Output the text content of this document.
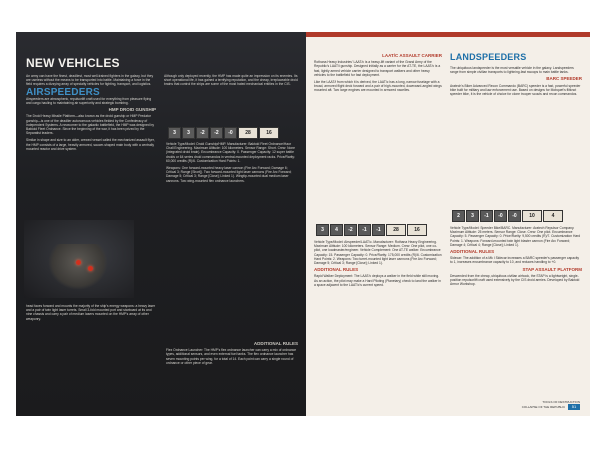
NEW VEHICLES

An army can have the finest, deadliest, most well-trained fighters in the galaxy, but they are useless without the means to be transported into battle. Maintaining a force in the field requires a dizzying array of specialty vehicles for fighting, transport, and logistics.

AIRSPEEDERS

Airspeeders are atmospheric, repulsorlift craft used for everything from pleasure flying and cargo hauling to maintaining air superiority and strategic bombing.

HMP DROID GUNSHIP

The Droid Heavy Missile Platform—also known as the droid gunship or HMP Predator gunship—is one of the deadlier autonomous vehicles fielded by the Confederacy of Independent Systems. A newcomer to the galactic battlefield, the HMP was designed by Baktoid Fleet Ordnance. Since the beginning of the war, it has been prized by the Separatist leaders.

Similar in shape and size to an older, crewed vessel called the mechanized assault flyer, the HMP consists of a large, heavily armored, saucer-shaped main body with a centrally mounted reactor and drive system.

head faces forward and mounts the majority of the ship's energy weapons: a heavy laser and a pair of twin light laser turrets. Small 3-fold mounted port and starboard at its and nine chassis and carry a pair of medium lasers mounted on the HMP's array of other weaponry.

Although only deployed recently, the HMP has made quite an impression on its enemies. Its short operational life, it has gained a terrifying reputation, and the cheap, irreplaceable droid brains that control the ships are some of the most hated mechanical entities in the CIS.

3	3	-2	-2	-0	28	16

Vehicle Type/Model: Droid Gunship/HMP. Manufacturer: Baktoid Fleet Ordnance/Haor Chall Engineering. Maximum Altitude: 100 kilometers. Sensor Range: Short. Crew: None (integrated droid brain). Encumbrance Capacity: 0. Passenger Capacity: 12 super battle droids or 64 series droid commandos in ventral-mounted deployment racks. Price/Rarity: 60,000 credits (R)/6. Customization Hard Points: 1.

Weapons: One forward-mounted heavy laser cannon (Fire Arc Forward; Damage 6; Critical 3; Range [Short]). Two forward-mounted light laser cannons (Fire Arc Forward; Damage 5; Critical 3; Range [Close]; Linked 1). Wingtip-mounted dual medium laser cannons. Two wing-mounted flex ordnance launchers.

ADDITIONAL RULES

Flex Ordnance Launcher: The HMP's flex ordnance launcher can carry a mix of ordnance types, additional sensors, and even external fuel tanks. The flex ordnance launcher has seven mounting points per wing, for a total of 14. Each point can carry a single round of ordnance or other piece of gear.

LAAT/C ASSAULT CARRIER

Rothana Heavy Industries' LAAT/c is a heavy-lift variant of the Grand Army of the Republic's LAAT/i gunship. Designed initially as a carrier for the AT-TE, the LAAT/c is a fast, lightly armed vehicle carrier designed to transport walkers and other heavy vehicles to the battlefield for fast deployment.

Like the LAAT/i from which it is derived, the LAAT/c has a long, narrow fuselage with a broad, armored flight deck forward and a pair of high-mounted, downward-angled wings mounted aft. Two large engines are mounted in armored nacelles.

3	4	-2	-1	-1	28	16

Vehicle Type/Model: Airspeeder/LAAT/c. Manufacturer: Rothana Heavy Engineering. Maximum Altitude: 100 kilometers. Sensor Range: Medium. Crew: One pilot, one co-pilot, one loadmaster/engineer. Vehicle Complement: One AT-TE walker. Encumbrance Capacity: 15. Passenger Capacity: 0. Price/Rarity: 175,000 credits (R)/6. Customization Hard Points: 2. Weapons: Two turret-mounted light laser cannons (Fire Arc Forward; Damage 5; Critical 3; Range [Close]; Linked 1).

ADDITIONAL RULES

Rapid Walker Deployment: The LAAT/c deploys a walker in the field while still moving. As an action, the pilot may make a Hard Piloting (Planetary) check to land the walker in a space adjacent to the LAAT/c's current speed.

LANDSPEEDERS

The ubiquitous landspeeder is the most versatile vehicle in the galaxy. Landspeeders range from simple civilian transports to lightning-fast swoops to main battle tanks.

BARC SPEEDER

Aratech's Biker Advanced Recon Commando (BARC) speeder is a fast, powerful speeder bike built for military and law enforcement use. Based on designs for Mobquet's flitknot speeder bike, it is the vehicle of choice for clone trooper scouts and recon commandos.

2	3	-1	-0	-0	10	4

Vehicle Type/Model: Speeder Bike/BARC. Manufacturer: Aratech Repulsor Company. Maximum Altitude: 25 meters. Sensor Range: Close. Crew: One pilot. Encumbrance Capacity: 5. Passenger Capacity: 0. Price/Rarity: 9,500 credits (R)/7. Customization Hard Points: 1. Weapons: Forward-mounted twin light blaster cannon (Fire Arc Forward; Damage 4; Critical 4; Range [Close]; Linked 1).

ADDITIONAL RULES

Sidecar: The addition of a Mk I Sidecar increases a BARC speeder's passenger capacity to 1, increases encumbrance capacity to 10, and reduces handling to +0.

STAP ASSAULT PLATFORM

Descended from the cheap, ubiquitous civilian airhook, the STAP is a lightweight, single-position repulsorlift craft used extensively by the CIS droid armies. Developed by Baktoid Armor Workshop.

TOOLS OF DESTRUCTION
COLLAPSE OF THE REPUBLIC 51
